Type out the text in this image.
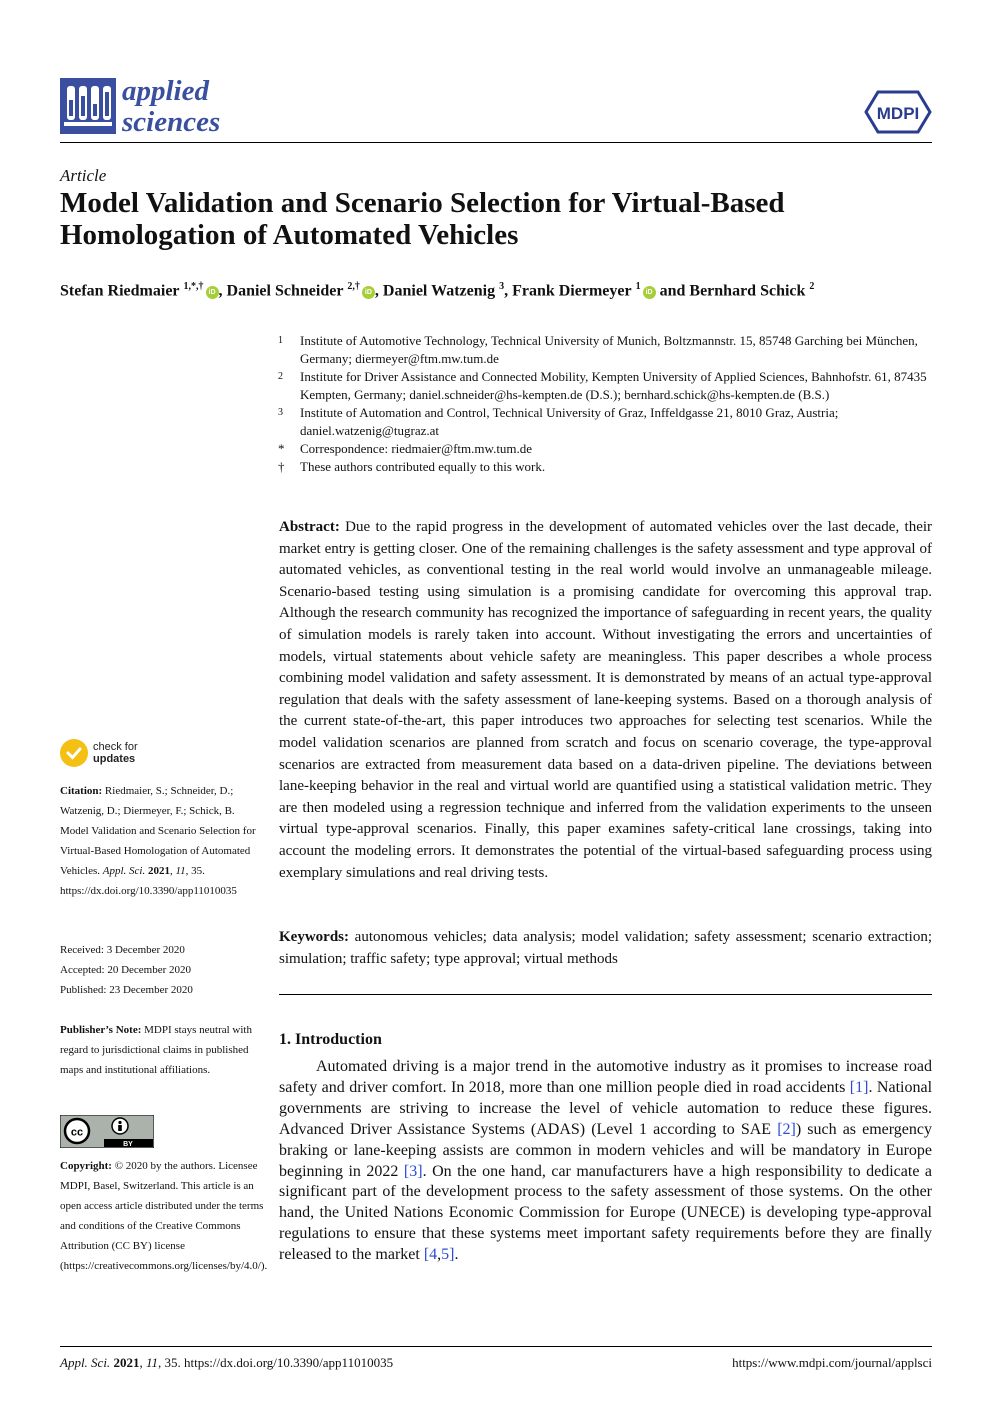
applied
sciences	MDPI
Article
Model Validation and Scenario Selection for Virtual-Based Homologation of Automated Vehicles
Stefan Riedmaier $^{1,*,\dagger}$iD , Daniel Schneider $^{2,\dagger}$iD , Daniel Watzenig $^3$, Frank Diermeyer $^1$iD and Bernhard Schick $^2$
1	Institute of Automotive Technology, Technical University of Munich, Boltzmannstr. 15, 85748 Garching bei München, Germany; diermeyer@ftm.mw.tum.de
2	Institute for Driver Assistance and Connected Mobility, Kempten University of Applied Sciences, Bahnhofstr. 61, 87435 Kempten, Germany; daniel.schneider@hs-kempten.de (D.S.); bernhard.schick@hs-kempten.de (B.S.)
3	Institute of Automation and Control, Technical University of Graz, Inffeldgasse 21, 8010 Graz, Austria; daniel.watzenig@tugraz.at
*	Correspondence: riedmaier@ftm.mw.tum.de
†	These authors contributed equally to this work.
Abstract: Due to the rapid progress in the development of automated vehicles over the last decade, their market entry is getting closer. One of the remaining challenges is the safety assessment and type approval of automated vehicles, as conventional testing in the real world would involve an unmanageable mileage. Scenario-based testing using simulation is a promising candidate for overcoming this approval trap. Although the research community has recognized the importance of safeguarding in recent years, the quality of simulation models is rarely taken into account. Without investigating the errors and uncertainties of models, virtual statements about vehicle safety are meaningless. This paper describes a whole process combining model validation and safety assessment. It is demonstrated by means of an actual type-approval regulation that deals with the safety assessment of lane-keeping systems. Based on a thorough analysis of the current state-of-the-art, this paper introduces two approaches for selecting test scenarios. While the model validation scenarios are planned from scratch and focus on scenario coverage, the type-approval scenarios are extracted from measurement data based on a data-driven pipeline. The deviations between lane-keeping behavior in the real and virtual world are quantified using a statistical validation metric. They are then modeled using a regression technique and inferred from the validation experiments to the unseen virtual type-approval scenarios. Finally, this paper examines safety-critical lane crossings, taking into account the modeling errors. It demonstrates the potential of the virtual-based safeguarding process using exemplary simulations and real driving tests.
Keywords: autonomous vehicles; data analysis; model validation; safety assessment; scenario extraction; simulation; traffic safety; type approval; virtual methods
1. Introduction
Automated driving is a major trend in the automotive industry as it promises to increase road safety and driver comfort. In 2018, more than one million people died in road accidents [1]. National governments are striving to increase the level of vehicle automation to reduce these figures. Advanced Driver Assistance Systems (ADAS) (Level 1 according to SAE [2]) such as emergency braking or lane-keeping assists are common in modern vehicles and will be mandatory in Europe beginning in 2022 [3]. On the one hand, car manufacturers have a high responsibility to dedicate a significant part of the development process to the safety assessment of those systems. On the other hand, the United Nations Economic Commission for Europe (UNECE) is developing type-approval regulations to ensure that these systems meet important safety requirements before they are finally released to the market [4,5].
check for
updates
Citation: Riedmaier, S.; Schneider, D.; Watzenig, D.; Diermeyer, F.; Schick, B. Model Validation and Scenario Selection for Virtual-Based Homologation of Automated Vehicles. Appl. Sci. 2021, 11, 35. https://dx.doi.org/10.3390/app11010035
Received: 3 December 2020
Accepted: 20 December 2020
Published: 23 December 2020
Publisher’s Note: MDPI stays neutral with regard to jurisdictional claims in published maps and institutional affiliations.
cc
BY
Copyright: © 2020 by the authors. Licensee MDPI, Basel, Switzerland. This article is an open access article distributed under the terms and conditions of the Creative Commons Attribution (CC BY) license (https://creativecommons.org/licenses/by/4.0/).
Appl. Sci. 2021, 11, 35. https://dx.doi.org/10.3390/app11010035	https://www.mdpi.com/journal/applsci
